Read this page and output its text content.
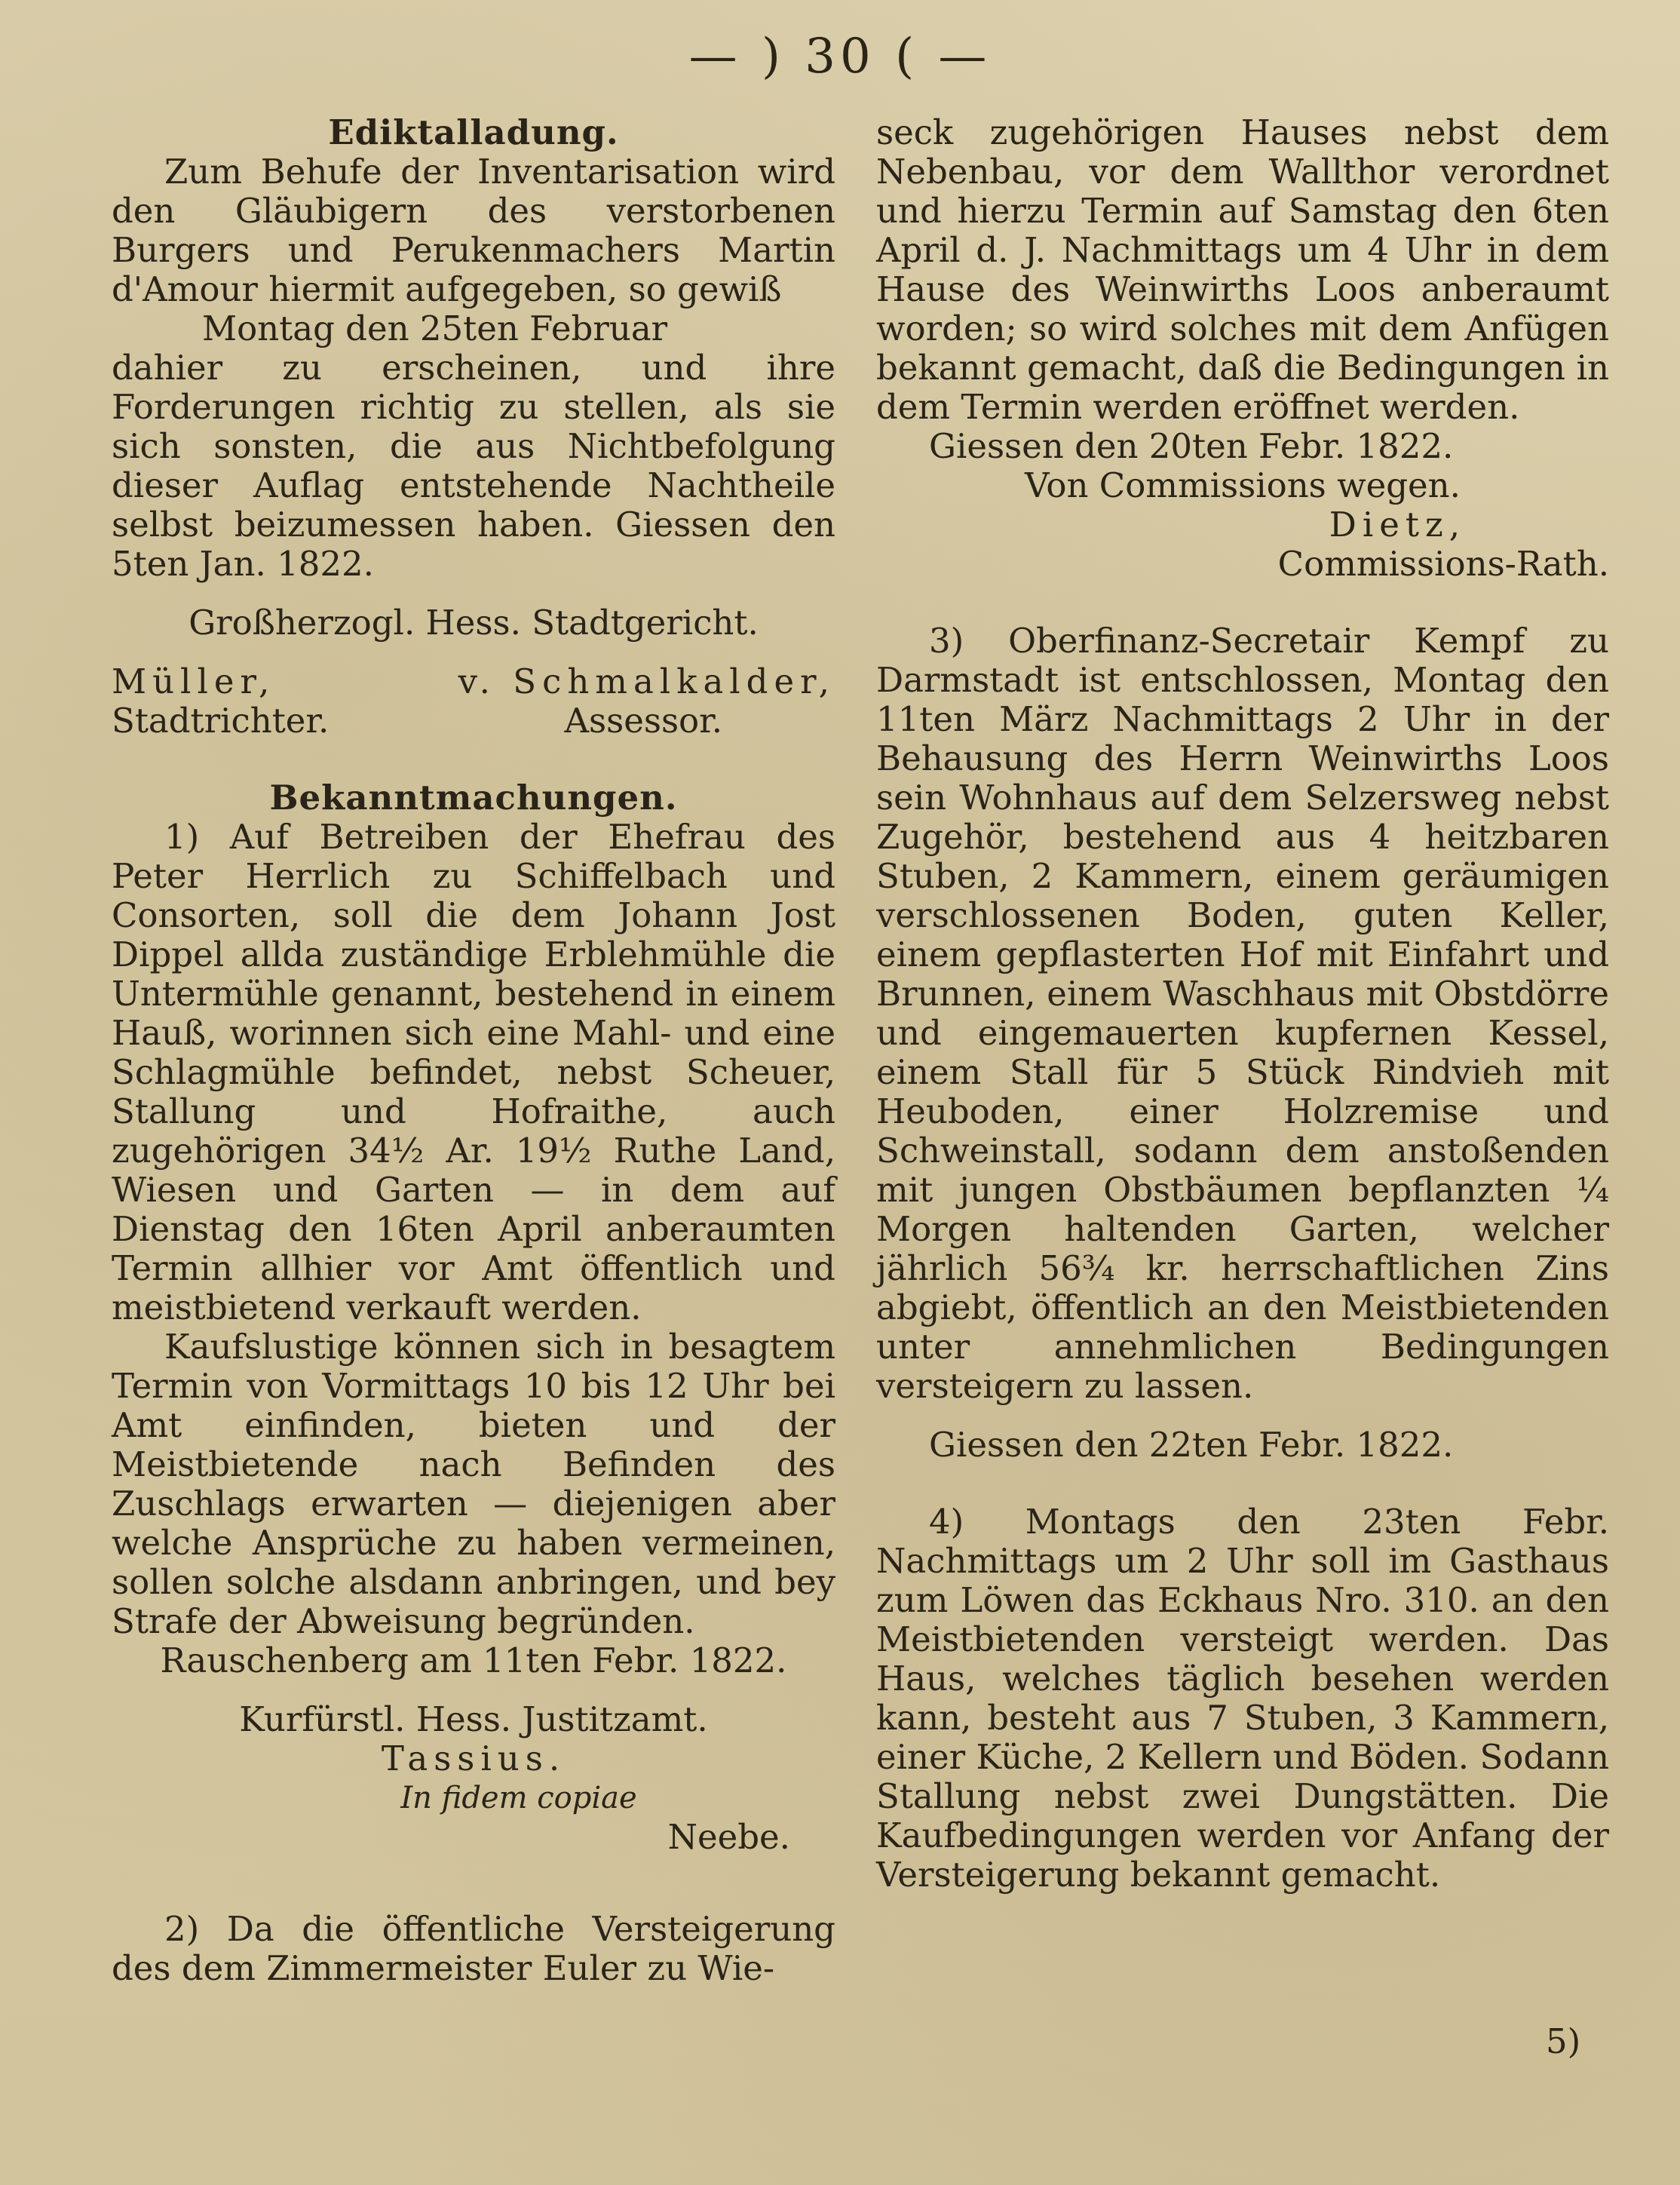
— ) 30 ( —

Ediktalladung.

Zum Behufe der Inventarisation wird den Gläubigern des verstorbenen Burgers und Perukenmachers Martin d'Amour hiermit aufgegeben, so gewiß

Montag den 25ten Februar

dahier zu erscheinen, und ihre Forderungen richtig zu stellen, als sie sich sonsten, die aus Nichtbefolgung dieser Auflag entstehende Nachtheile selbst beizumessen haben. Giessen den 5ten Jan. 1822.

Großherzogl. Hess. Stadtgericht.

Müller,	v. Schmalkalder,
Stadtrichter.	Assessor.

Bekanntmachungen.

1) Auf Betreiben der Ehefrau des Peter Herrlich zu Schiffelbach und Consorten, soll die dem Johann Jost Dippel allda zuständige Erblehmühle die Untermühle genannt, bestehend in einem Hauß, worinnen sich eine Mahl- und eine Schlagmühle befindet, nebst Scheuer, Stallung und Hofraithe, auch zugehörigen 34½ Ar. 19½ Ruthe Land, Wiesen und Garten — in dem auf Dienstag den 16ten April anberaumten Termin allhier vor Amt öffentlich und meistbietend verkauft werden.

Kaufslustige können sich in besagtem Termin von Vormittags 10 bis 12 Uhr bei Amt einfinden, bieten und der Meistbietende nach Befinden des Zuschlags erwarten — diejenigen aber welche Ansprüche zu haben vermeinen, sollen solche alsdann anbringen, und bey Strafe der Abweisung begründen.

Rauschenberg am 11ten Febr. 1822.

Kurfürstl. Hess. Justitzamt.

Tassius.

In fidem copiae

Neebe.

2) Da die öffentliche Versteigerung des dem Zimmermeister Euler zu Wie-

seck zugehörigen Hauses nebst dem Nebenbau, vor dem Wallthor verordnet und hierzu Termin auf Samstag den 6ten April d. J. Nachmittags um 4 Uhr in dem Hause des Weinwirths Loos anberaumt worden; so wird solches mit dem Anfügen bekannt gemacht, daß die Bedingungen in dem Termin werden eröffnet werden.

Giessen den 20ten Febr. 1822.

Von Commissions wegen.

Dietz,

Commissions-Rath.

3) Oberfinanz-Secretair Kempf zu Darmstadt ist entschlossen, Montag den 11ten März Nachmittags 2 Uhr in der Behausung des Herrn Weinwirths Loos sein Wohnhaus auf dem Selzersweg nebst Zugehör, bestehend aus 4 heitzbaren Stuben, 2 Kammern, einem geräumigen verschlossenen Boden, guten Keller, einem gepflasterten Hof mit Einfahrt und Brunnen, einem Waschhaus mit Obstdörre und eingemauerten kupfernen Kessel, einem Stall für 5 Stück Rindvieh mit Heuboden, einer Holzremise und Schweinstall, sodann dem anstoßenden mit jungen Obstbäumen bepflanzten ¼ Morgen haltenden Garten, welcher jährlich 56¾ kr. herrschaftlichen Zins abgiebt, öffentlich an den Meistbietenden unter annehmlichen Bedingungen versteigern zu lassen.

Giessen den 22ten Febr. 1822.

4) Montags den 23ten Febr. Nachmittags um 2 Uhr soll im Gasthaus zum Löwen das Eckhaus Nro. 310. an den Meistbietenden versteigt werden. Das Haus, welches täglich besehen werden kann, besteht aus 7 Stuben, 3 Kammern, einer Küche, 2 Kellern und Böden. Sodann Stallung nebst zwei Dungstätten. Die Kaufbedingungen werden vor Anfang der Versteigerung bekannt gemacht.

5)
